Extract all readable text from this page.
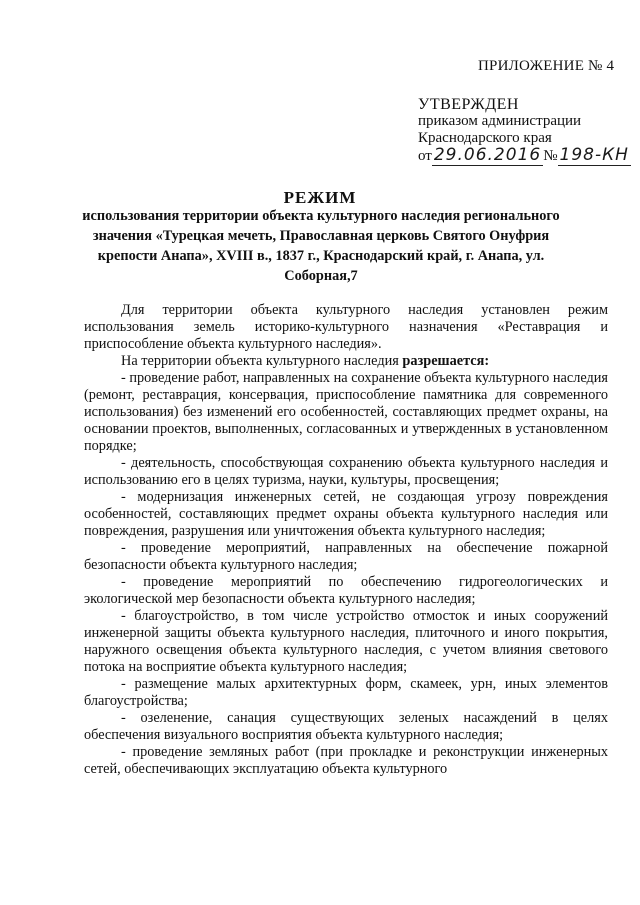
ПРИЛОЖЕНИЕ № 4
УТВЕРЖДЕН
приказом администрации
Краснодарского края
от 29.06.2016 № 198-КН
РЕЖИМ
использования территории объекта культурного наследия регионального значения «Турецкая мечеть, Православная церковь Святого Онуфрия крепости Анапа», XVIII в., 1837 г., Краснодарский край, г. Анапа, ул. Соборная,7

Для территории объекта культурного наследия установлен режим использования земель историко-культурного назначения «Реставрация и приспособление объекта культурного наследия».

На территории объекта культурного наследия разрешается:

- проведение работ, направленных на сохранение объекта культурного наследия (ремонт, реставрация, консервация, приспособление памятника для современного использования) без изменений его особенностей, составляющих предмет охраны, на основании проектов, выполненных, согласованных и утвержденных в установленном порядке;

- деятельность, способствующая сохранению объекта культурного наследия и использованию его в целях туризма, науки, культуры, просвещения;

- модернизация инженерных сетей, не создающая угрозу повреждения особенностей, составляющих предмет охраны объекта культурного наследия или повреждения, разрушения или уничтожения объекта культурного наследия;

- проведение мероприятий, направленных на обеспечение пожарной безопасности объекта культурного наследия;

- проведение мероприятий по обеспечению гидрогеологических и экологической мер безопасности объекта культурного наследия;

- благоустройство, в том числе устройство отмосток и иных сооружений инженерной защиты объекта культурного наследия, плиточного и иного покрытия, наружного освещения объекта культурного наследия, с учетом влияния светового потока на восприятие объекта культурного наследия;

- размещение малых архитектурных форм, скамеек, урн, иных элементов благоустройства;

- озеленение, санация существующих зеленых насаждений в целях обеспечения визуального восприятия объекта культурного наследия;

- проведение земляных работ (при прокладке и реконструкции инженерных сетей, обеспечивающих эксплуатацию объекта культурного
